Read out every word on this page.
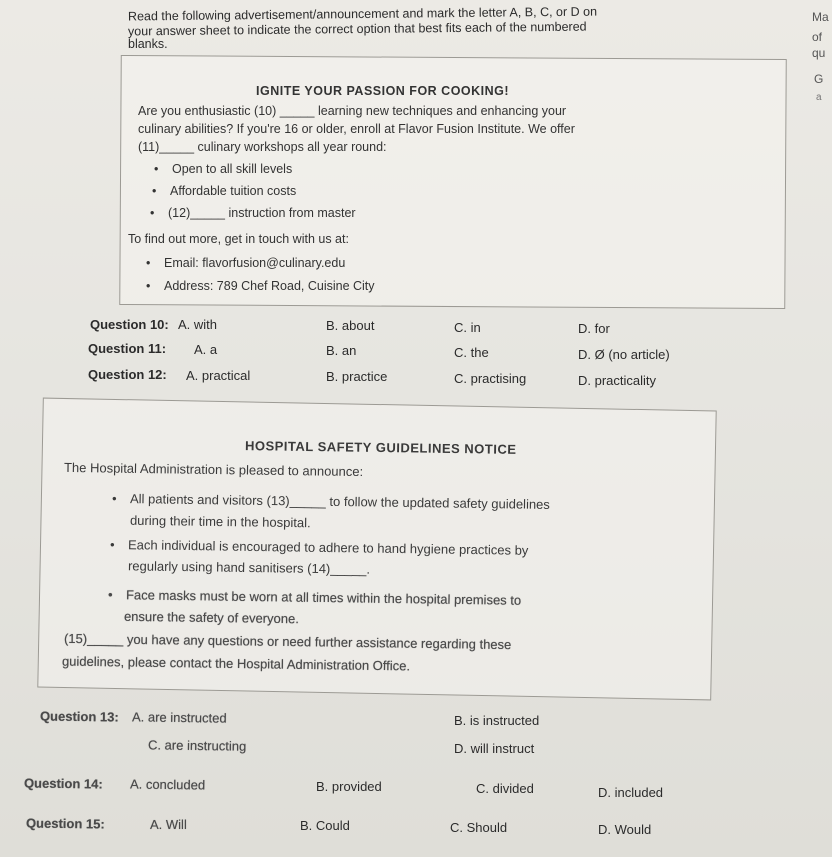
Read the following advertisement/announcement and mark the letter A, B, C, or D on
your answer sheet to indicate the correct option that best fits each of the numbered
blanks.
Ma
of
qu
G
a
IGNITE YOUR PASSION FOR COOKING!
Are you enthusiastic (10) _____ learning new techniques and enhancing your
culinary abilities? If you're 16 or older, enroll at Flavor Fusion Institute. We offer
(11)_____ culinary workshops all year round:
• Open to all skill levels
• Affordable tuition costs
• (12)_____ instruction from master
To find out more, get in touch with us at:
• Email: flavorfusion@culinary.edu
• Address: 789 Chef Road, Cuisine City
Question 10: A. with	B. about	C. in	D. for
Question 11: A. a	B. an	C. the	D. Ø (no article)
Question 12: A. practical	B. practice	C. practising	D. practicality
HOSPITAL SAFETY GUIDELINES NOTICE
The Hospital Administration is pleased to announce:
• All patients and visitors (13)_____ to follow the updated safety guidelines
during their time in the hospital.
• Each individual is encouraged to adhere to hand hygiene practices by
regularly using hand sanitisers (14)_____.
• Face masks must be worn at all times within the hospital premises to
ensure the safety of everyone.
(15)_____ you have any questions or need further assistance regarding these
guidelines, please contact the Hospital Administration Office.
Question 13: A. are instructed	B. is instructed
C. are instructing	D. will instruct
Question 14: A. concluded	B. provided	C. divided	D. included
Question 15:	A. Will	B. Could	C. Should	D. Would
